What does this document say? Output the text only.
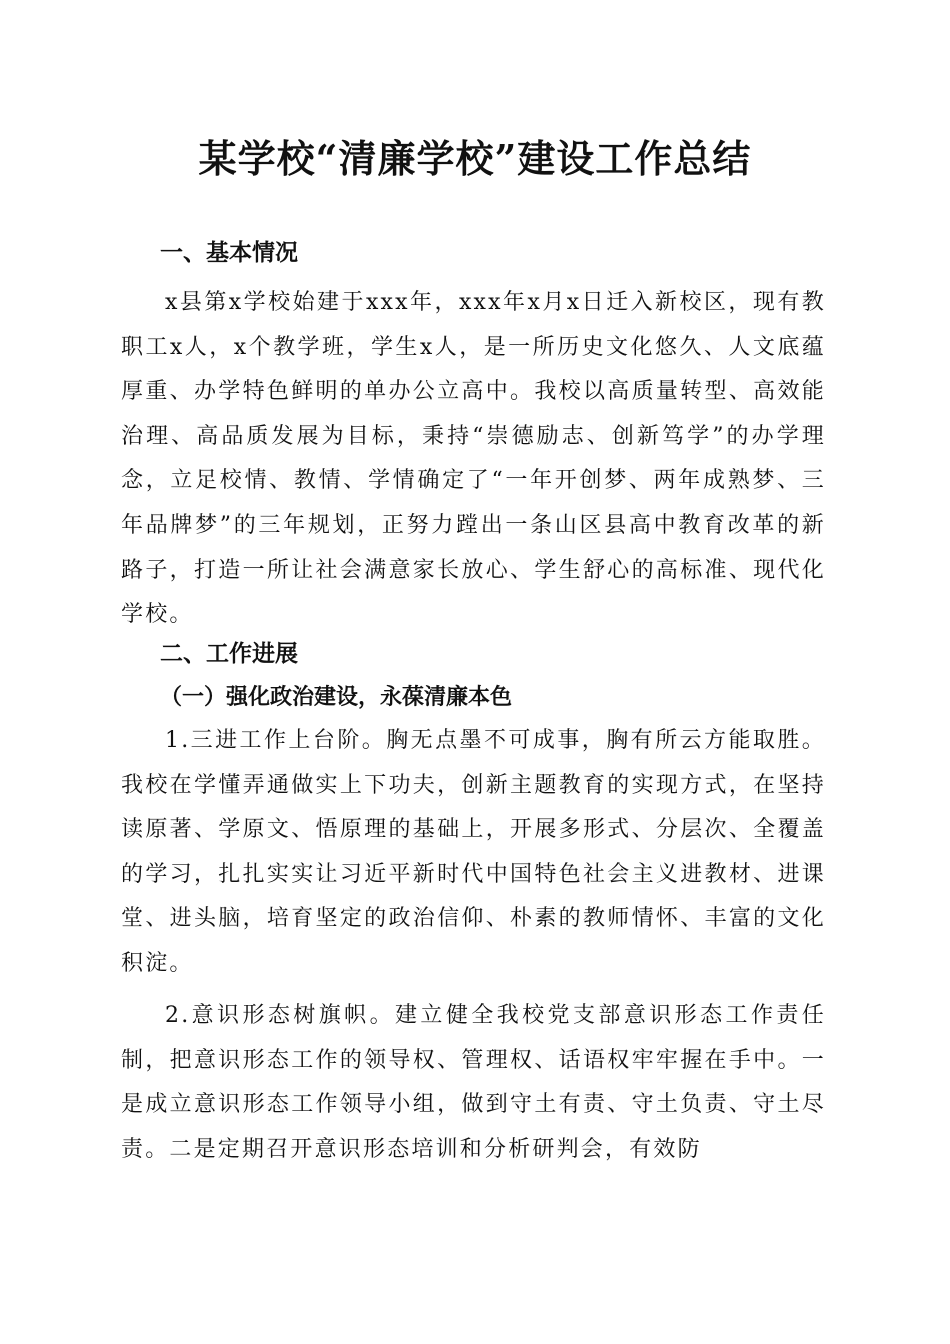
某学校“清廉学校”建设工作总结
一、基本情况

x县第x学校始建于xxx年，xxx年x月x日迁入新校区，现有教职工x人，x个教学班，学生x人，是一所历史文化悠久、人文底蕴厚重、办学特色鲜明的单办公立高中。我校以高质量转型、高效能治理、高品质发展为目标，秉持“崇德励志、创新笃学”的办学理念，立足校情、教情、学情确定了“一年开创梦、两年成熟梦、三年品牌梦”的三年规划，正努力蹚出一条山区县高中教育改革的新路子，打造一所让社会满意家长放心、学生舒心的高标准、现代化学校。

二、工作进展
（一）强化政治建设，永葆清廉本色

1.三进工作上台阶。胸无点墨不可成事，胸有所云方能取胜。我校在学懂弄通做实上下功夫，创新主题教育的实现方式，在坚持读原著、学原文、悟原理的基础上，开展多形式、分层次、全覆盖的学习，扎扎实实让习近平新时代中国特色社会主义进教材、进课堂、进头脑，培育坚定的政治信仰、朴素的教师情怀、丰富的文化积淀。

2.意识形态树旗帜。建立健全我校党支部意识形态工作责任制，把意识形态工作的领导权、管理权、话语权牢牢握在手中。一是成立意识形态工作领导小组，做到守土有责、守土负责、守土尽责。二是定期召开意识形态培训和分析研判会，有效防
